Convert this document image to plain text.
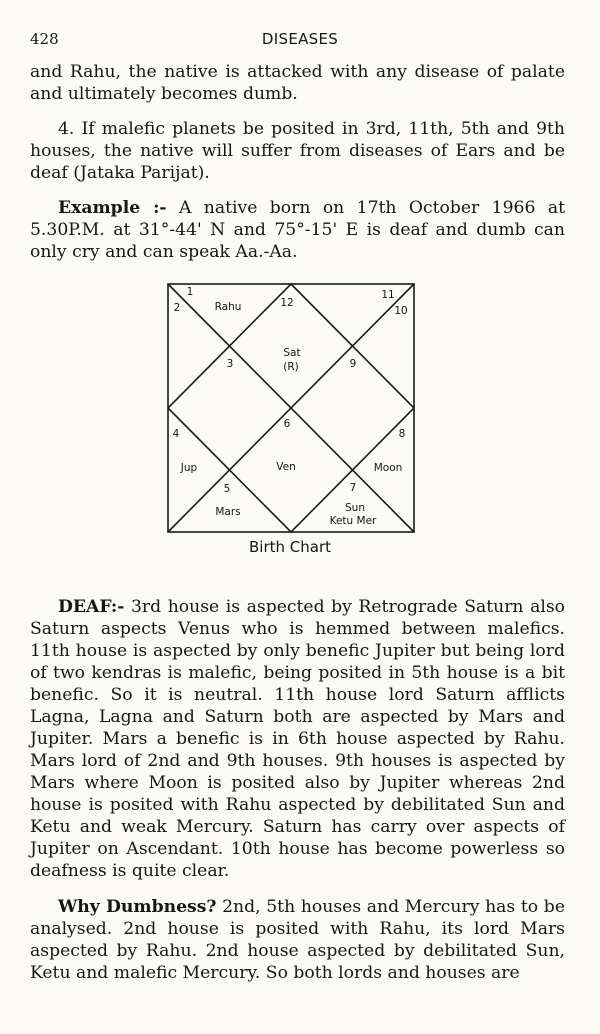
428	DISEASES

and Rahu, the native is attacked with any disease of palate and ultimately becomes dumb.

4. If malefic planets be posited in 3rd, 11th, 5th and 9th houses, the native will suffer from diseases of Ears and be deaf (Jataka Parijat).

Example :- A native born on 17th October 1966 at 5.30P.M. at 31°-44' N and 75°-15' E is deaf and dumb can only cry and can speak Aa.-Aa.

1
2	Rahu	12
11
10
3
Sat
(R)	9
6
4	8
Jup	Ven	Moon
5	7
Mars	Sun
Ketu Mer
Birth Chart

DEAF:- 3rd house is aspected by Retrograde Saturn also Saturn aspects Venus who is hemmed between malefics. 11th house is aspected by only benefic Jupiter but being lord of two kendras is malefic, being posited in 5th house is a bit benefic. So it is neutral. 11th house lord Saturn afflicts Lagna, Lagna and Saturn both are aspected by Mars and Jupiter. Mars a benefic is in 6th house aspected by Rahu. Mars lord of 2nd and 9th houses. 9th houses is aspected by Mars where Moon is posited also by Jupiter whereas 2nd house is posited with Rahu aspected by debilitated Sun and Ketu and weak Mercury. Saturn has carry over aspects of Jupiter on Ascendant. 10th house has become powerless so deafness is quite clear.

Why Dumbness? 2nd, 5th houses and Mercury has to be analysed. 2nd house is posited with Rahu, its lord Mars aspected by Rahu. 2nd house aspected by debilitated Sun, Ketu and malefic Mercury. So both lords and houses are
